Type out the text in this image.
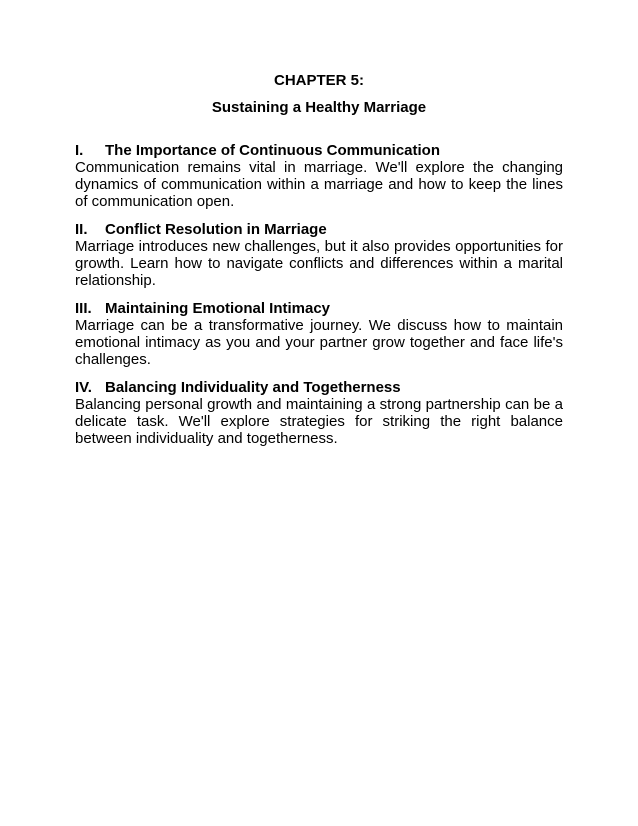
CHAPTER 5:

Sustaining a Healthy Marriage

I.	The Importance of Continuous Communication

Communication remains vital in marriage. We'll explore the changing dynamics of communication within a marriage and how to keep the lines of communication open.

II.	Conflict Resolution in Marriage

Marriage introduces new challenges, but it also provides opportunities for growth. Learn how to navigate conflicts and differences within a marital relationship.

III. Maintaining Emotional Intimacy

Marriage can be a transformative journey. We discuss how to maintain emotional intimacy as you and your partner grow together and face life's challenges.

IV. Balancing Individuality and Togetherness

Balancing personal growth and maintaining a strong partnership can be a delicate task. We'll explore strategies for striking the right balance between individuality and togetherness.
